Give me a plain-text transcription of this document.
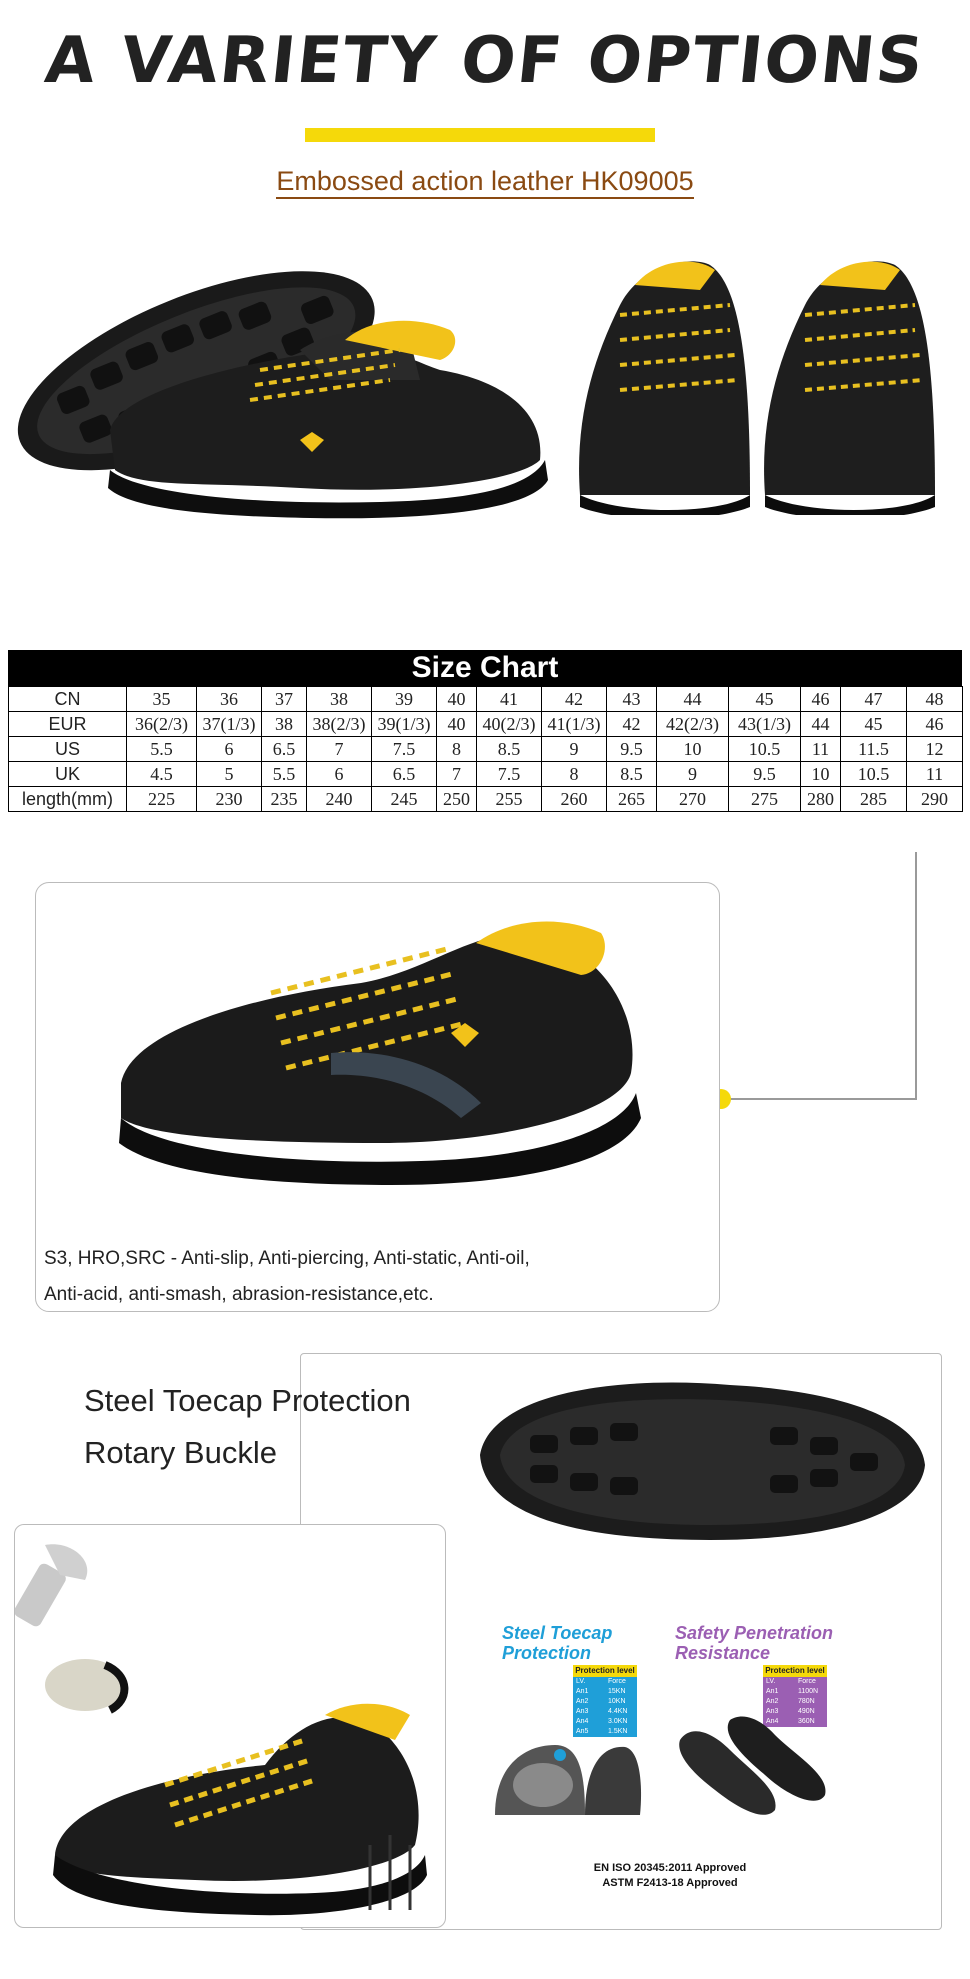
A VARIETY OF OPTIONS
Embossed action leather HK09005
Size Chart
CN	35	36	37	38	39	40	41	42	43	44	45	46	47	48
EUR	36(2/3)	37(1/3)	38	38(2/3)	39(1/3)	40	40(2/3)	41(1/3)	42	42(2/3)	43(1/3)	44	45	46
US	5.5	6	6.5	7	7.5	8	8.5	9	9.5	10	10.5	11	11.5	12
UK	4.5	5	5.5	6	6.5	7	7.5	8	8.5	9	9.5	10	10.5	11
length(mm)	225	230	235	240	245	250	255	260	265	270	275	280	285	290
S3, HRO,SRC - Anti-slip, Anti-piercing, Anti-static, Anti-oil,
Anti-acid, anti-smash, abrasion-resistance,etc.
Steel Toecap Protection
Rotary Buckle
Steel Toecap
Protection
Protection level
LV.	Force
An1	15KN
An2	10KN
An3	4.4KN
An4	3.0KN
An5	1.5KN
Safety Penetration
Resistance
Protection level
LV.	Force
An1	1100N
An2	780N
An3	490N
An4	360N
EN ISO 20345:2011 Approved
ASTM F2413-18 Approved
